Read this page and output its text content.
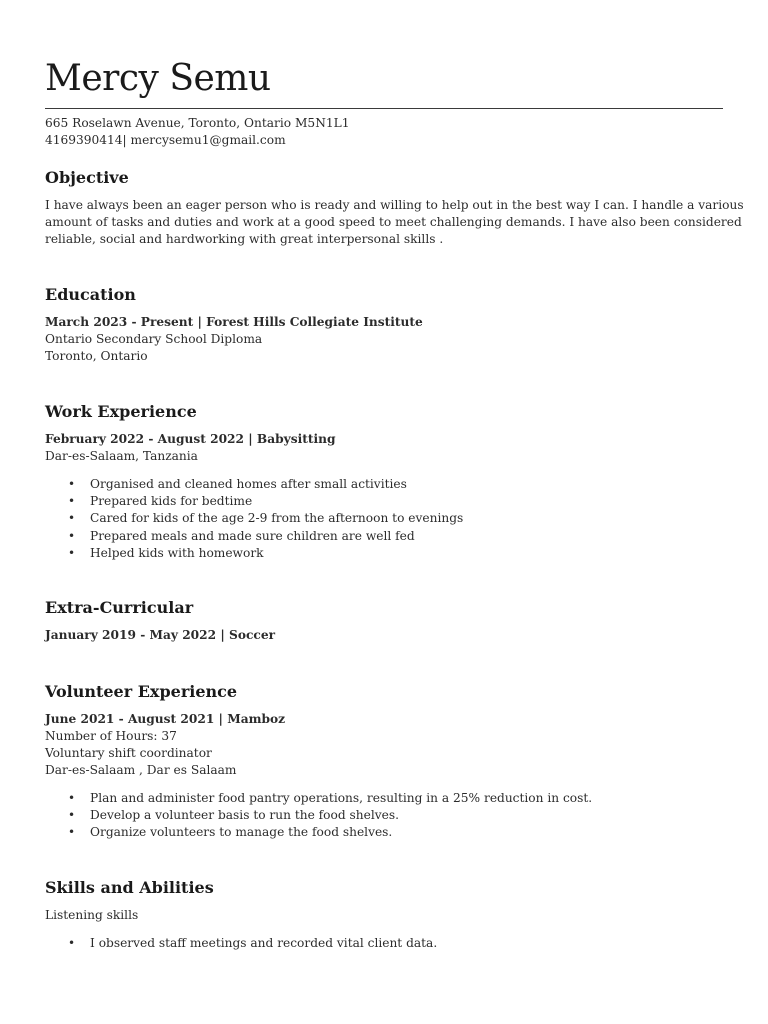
Mercy Semu
665 Roselawn Avenue, Toronto, Ontario M5N1L1
4169390414| mercysemu1@gmail.com
Objective
I have always been an eager person who is ready and willing to help out in the best way I can. I handle a various
amount of tasks and duties and work at a good speed to meet challenging demands. I have also been considered
reliable, social and hardworking with great interpersonal skills .
Education
March 2023 - Present | Forest Hills Collegiate Institute
Ontario Secondary School Diploma
Toronto, Ontario
Work Experience
February 2022 - August 2022 | Babysitting
Dar-es-Salaam, Tanzania
• Organised and cleaned homes after small activities
• Prepared kids for bedtime
• Cared for kids of the age 2-9 from the afternoon to evenings
• Prepared meals and made sure children are well fed
• Helped kids with homework
Extra-Curricular
January 2019 - May 2022 | Soccer
Volunteer Experience
June 2021 - August 2021 | Mamboz
Number of Hours: 37
Voluntary shift coordinator
Dar-es-Salaam , Dar es Salaam
• Plan and administer food pantry operations, resulting in a 25% reduction in cost.
• Develop a volunteer basis to run the food shelves.
• Organize volunteers to manage the food shelves.
Skills and Abilities
Listening skills
• I observed staff meetings and recorded vital client data.
